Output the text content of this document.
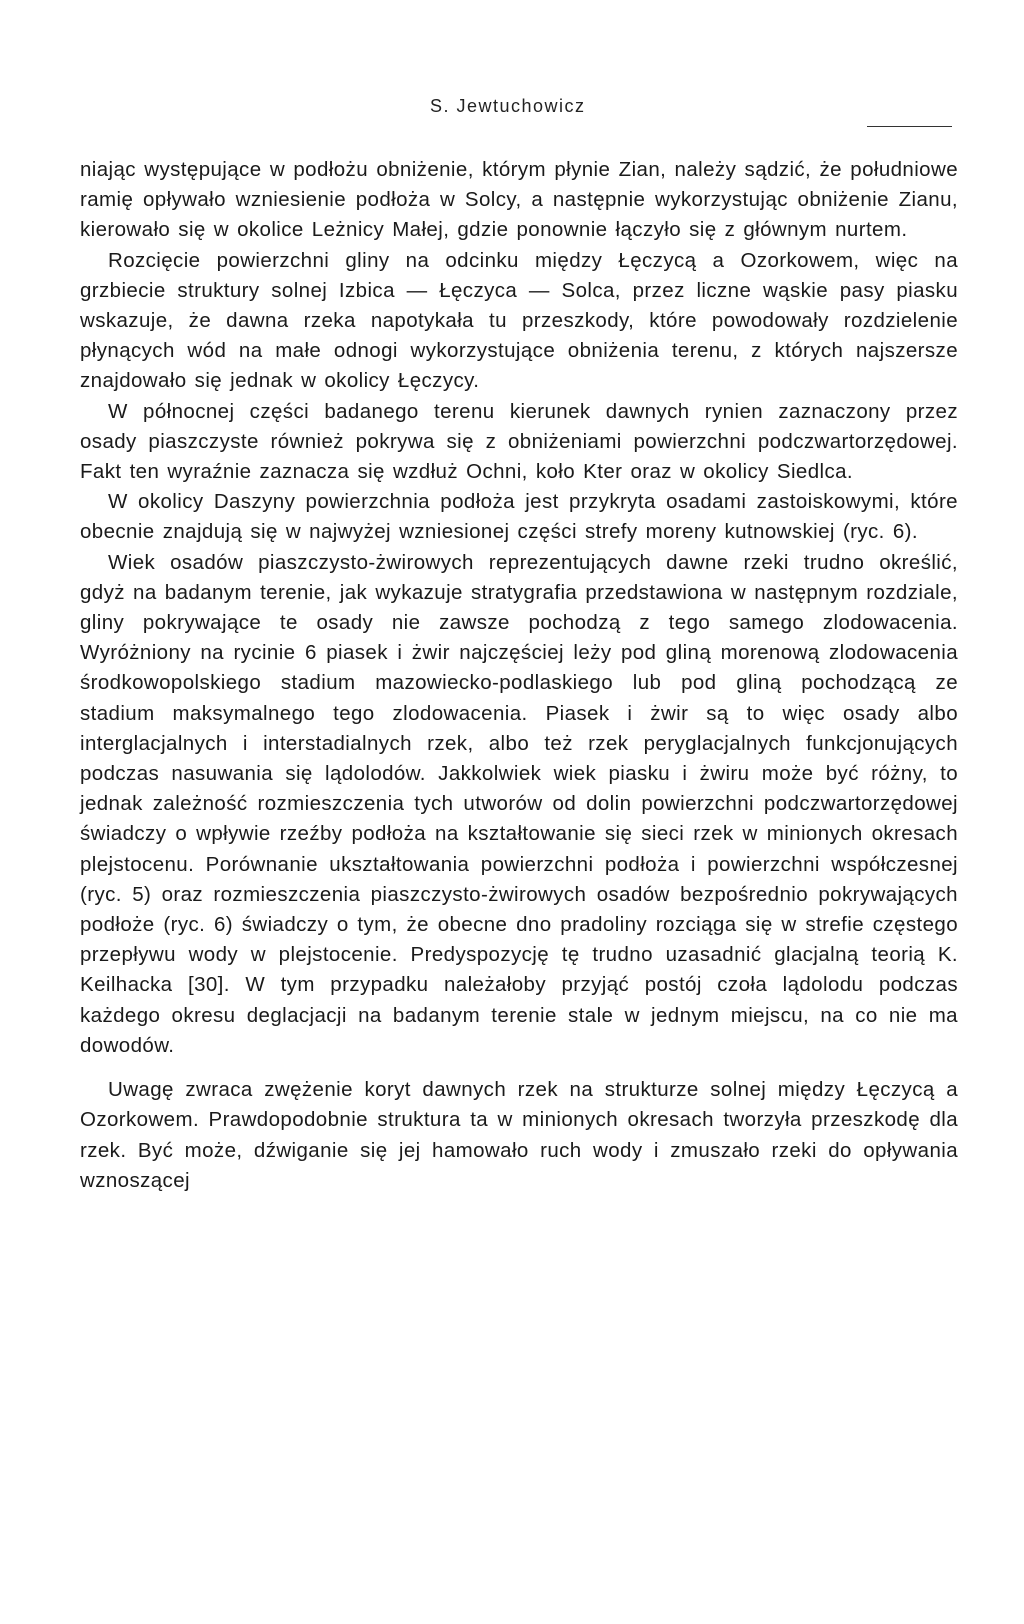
S. Jewtuchowicz

niając występujące w podłożu obniżenie, którym płynie Zian, należy sądzić, że południowe ramię opływało wzniesienie podłoża w Solcy, a następnie wykorzystując obniżenie Zianu, kierowało się w okolice Leżnicy Małej, gdzie ponownie łączyło się z głównym nurtem.

Rozcięcie powierzchni gliny na odcinku między Łęczycą a Ozorkowem, więc na grzbiecie struktury solnej Izbica — Łęczyca — Solca, przez liczne wąskie pasy piasku wskazuje, że dawna rzeka napotykała tu przeszkody, które powodowały rozdzielenie płynących wód na małe odnogi wykorzystujące obniżenia terenu, z których najszersze znajdowało się jednak w okolicy Łęczycy.

W północnej części badanego terenu kierunek dawnych rynien zaznaczony przez osady piaszczyste również pokrywa się z obniżeniami powierzchni podczwartorzędowej. Fakt ten wyraźnie zaznacza się wzdłuż Ochni, koło Kter oraz w okolicy Siedlca.

W okolicy Daszyny powierzchnia podłoża jest przykryta osadami zastoiskowymi, które obecnie znajdują się w najwyżej wzniesionej części strefy moreny kutnowskiej (ryc. 6).

Wiek osadów piaszczysto-żwirowych reprezentujących dawne rzeki trudno określić, gdyż na badanym terenie, jak wykazuje stratygrafia przedstawiona w następnym rozdziale, gliny pokrywające te osady nie zawsze pochodzą z tego samego zlodowacenia. Wyróżniony na rycinie 6 piasek i żwir najczęściej leży pod gliną morenową zlodowacenia środkowopolskiego stadium mazowiecko-podlaskiego lub pod gliną pochodzącą ze stadium maksymalnego tego zlodowacenia. Piasek i żwir są to więc osady albo interglacjalnych i interstadialnych rzek, albo też rzek peryglacjalnych funkcjonujących podczas nasuwania się lądolodów. Jakkolwiek wiek piasku i żwiru może być różny, to jednak zależność rozmieszczenia tych utworów od dolin powierzchni podczwartorzędowej świadczy o wpływie rzeźby podłoża na kształtowanie się sieci rzek w minionych okresach plejstocenu. Porównanie ukształtowania powierzchni podłoża i powierzchni współczesnej (ryc. 5) oraz rozmieszczenia piaszczysto-żwirowych osadów bezpośrednio pokrywających podłoże (ryc. 6) świadczy o tym, że obecne dno pradoliny rozciąga się w strefie częstego przepływu wody w plejstocenie. Predyspozycję tę trudno uzasadnić glacjalną teorią K. Keilhacka [30]. W tym przypadku należałoby przyjąć postój czoła lądolodu podczas każdego okresu deglacjacji na badanym terenie stale w jednym miejscu, na co nie ma dowodów.

Uwagę zwraca zwężenie koryt dawnych rzek na strukturze solnej między Łęczycą a Ozorkowem. Prawdopodobnie struktura ta w minionych okresach tworzyła przeszkodę dla rzek. Być może, dźwiganie się jej hamowało ruch wody i zmuszało rzeki do opływania wznoszącej
